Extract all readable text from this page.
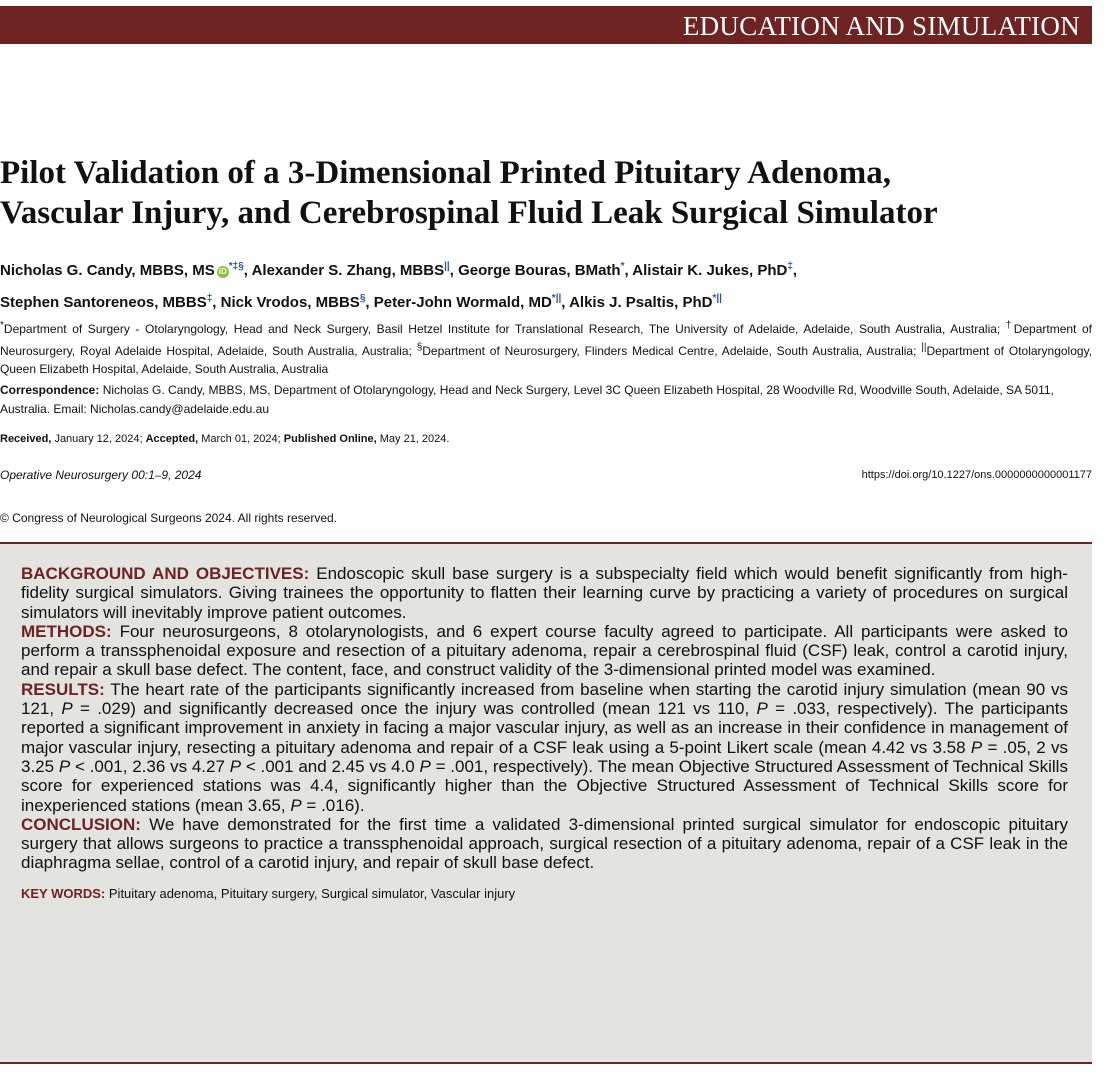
EDUCATION AND SIMULATION
Pilot Validation of a 3-Dimensional Printed Pituitary Adenoma,
Vascular Injury, and Cerebrospinal Fluid Leak Surgical Simulator
Nicholas G. Candy, MBBS, MS iD *‡§, Alexander S. Zhang, MBBS||, George Bouras, BMath*, Alistair K. Jukes, PhD‡,
Stephen Santoreneos, MBBS‡, Nick Vrodos, MBBS§, Peter-John Wormald, MD*||, Alkis J. Psaltis, PhD*||
*Department of Surgery - Otolaryngology, Head and Neck Surgery, Basil Hetzel Institute for Translational Research, The University of Adelaide, Adelaide, South Australia, Australia; †Department of Neurosurgery, Royal Adelaide Hospital, Adelaide, South Australia, Australia; §Department of Neurosurgery, Flinders Medical Centre, Adelaide, South Australia, Australia; ||Department of Otolaryngology, Queen Elizabeth Hospital, Adelaide, South Australia, Australia
Correspondence: Nicholas G. Candy, MBBS, MS, Department of Otolaryngology, Head and Neck Surgery, Level 3C Queen Elizabeth Hospital, 28 Woodville Rd, Woodville South, Adelaide, SA 5011, Australia. Email: Nicholas.candy@adelaide.edu.au
Received, January 12, 2024; Accepted, March 01, 2024; Published Online, May 21, 2024.
Operative Neurosurgery 00:1–9, 2024	https://doi.org/10.1227/ons.0000000000001177
© Congress of Neurological Surgeons 2024. All rights reserved.

BACKGROUND AND OBJECTIVES: Endoscopic skull base surgery is a subspecialty field which would benefit significantly from high-fidelity surgical simulators. Giving trainees the opportunity to flatten their learning curve by practicing a variety of procedures on surgical simulators will inevitably improve patient outcomes.

METHODS: Four neurosurgeons, 8 otolarynologists, and 6 expert course faculty agreed to participate. All participants were asked to perform a transsphenoidal exposure and resection of a pituitary adenoma, repair a cerebrospinal fluid (CSF) leak, control a carotid injury, and repair a skull base defect. The content, face, and construct validity of the 3-dimensional printed model was examined.

RESULTS: The heart rate of the participants significantly increased from baseline when starting the carotid injury simulation (mean 90 vs 121, P = .029) and significantly decreased once the injury was controlled (mean 121 vs 110, P = .033, respectively). The participants reported a significant improvement in anxiety in facing a major vascular injury, as well as an increase in their confidence in management of major vascular injury, resecting a pituitary adenoma and repair of a CSF leak using a 5-point Likert scale (mean 4.42 vs 3.58 P = .05, 2 vs 3.25 P < .001, 2.36 vs 4.27 P < .001 and 2.45 vs 4.0 P = .001, respectively). The mean Objective Structured Assessment of Technical Skills score for experienced stations was 4.4, significantly higher than the Objective Structured Assessment of Technical Skills score for inexperienced stations (mean 3.65, P = .016).

CONCLUSION: We have demonstrated for the first time a validated 3-dimensional printed surgical simulator for endoscopic pituitary surgery that allows surgeons to practice a transsphenoidal approach, surgical resection of a pituitary adenoma, repair of a CSF leak in the diaphragma sellae, control of a carotid injury, and repair of skull base defect.

KEY WORDS: Pituitary adenoma, Pituitary surgery, Surgical simulator, Vascular injury
